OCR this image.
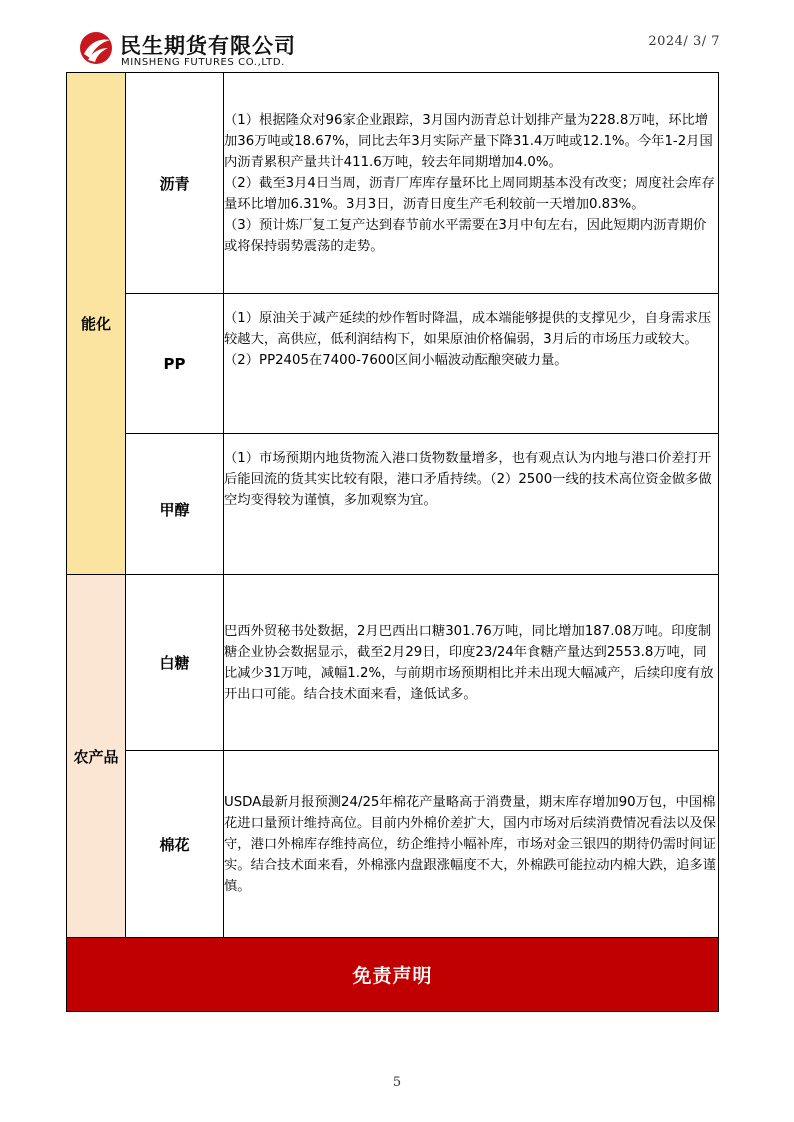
民生期货有限公司
MINSHENG FUTURES CO.,LTD.
2024/ 3/ 7
能化	沥青	（1）根据隆众对96家企业跟踪，3月国内沥青总计划排产量为228.8万吨，环比增加36万吨或18.67%，同比去年3月实际产量下降31.4万吨或12.1%。今年1-2月国内沥青累积产量共计411.6万吨，较去年同期增加4.0%。

（2）截至3月4日当周，沥青厂库库存量环比上周同期基本没有改变；周度社会库存量环比增加6.31%。3月3日，沥青日度生产毛利较前一天增加0.83%。

（3）预计炼厂复工复产达到春节前水平需要在3月中旬左右，因此短期内沥青期价或将保持弱势震荡的走势。

	PP	（1）原油关于减产延续的炒作暂时降温，成本端能够提供的支撑见少，自身需求压较越大，高供应，低利润结构下，如果原油价格偏弱，3月后的市场压力或较大。（2）PP2405在7400-7600区间小幅波动酝酿突破力量。

	甲醇	（1）市场预期内地货物流入港口货物数量增多，也有观点认为内地与港口价差打开后能回流的货其实比较有限，港口矛盾持续。（2）2500一线的技术高位资金做多做空均变得较为谨慎，多加观察为宜。

农产品	白糖	巴西外贸秘书处数据，2月巴西出口糖301.76万吨，同比增加187.08万吨。印度制糖企业协会数据显示，截至2月29日，印度23/24年食糖产量达到2553.8万吨，同比减少31万吨，减幅1.2%，与前期市场预期相比并未出现大幅减产，后续印度有放开出口可能。结合技术面来看，逢低试多。

	棉花	USDA最新月报预测24/25年棉花产量略高于消费量，期末库存增加90万包，中国棉花进口量预计维持高位。目前内外棉价差扩大，国内市场对后续消费情况看法以及保守，港口外棉库存维持高位，纺企维持小幅补库，市场对金三银四的期待仍需时间证实。结合技术面来看，外棉涨内盘跟涨幅度不大，外棉跌可能拉动内棉大跌，追多谨慎。

免责声明		
5
